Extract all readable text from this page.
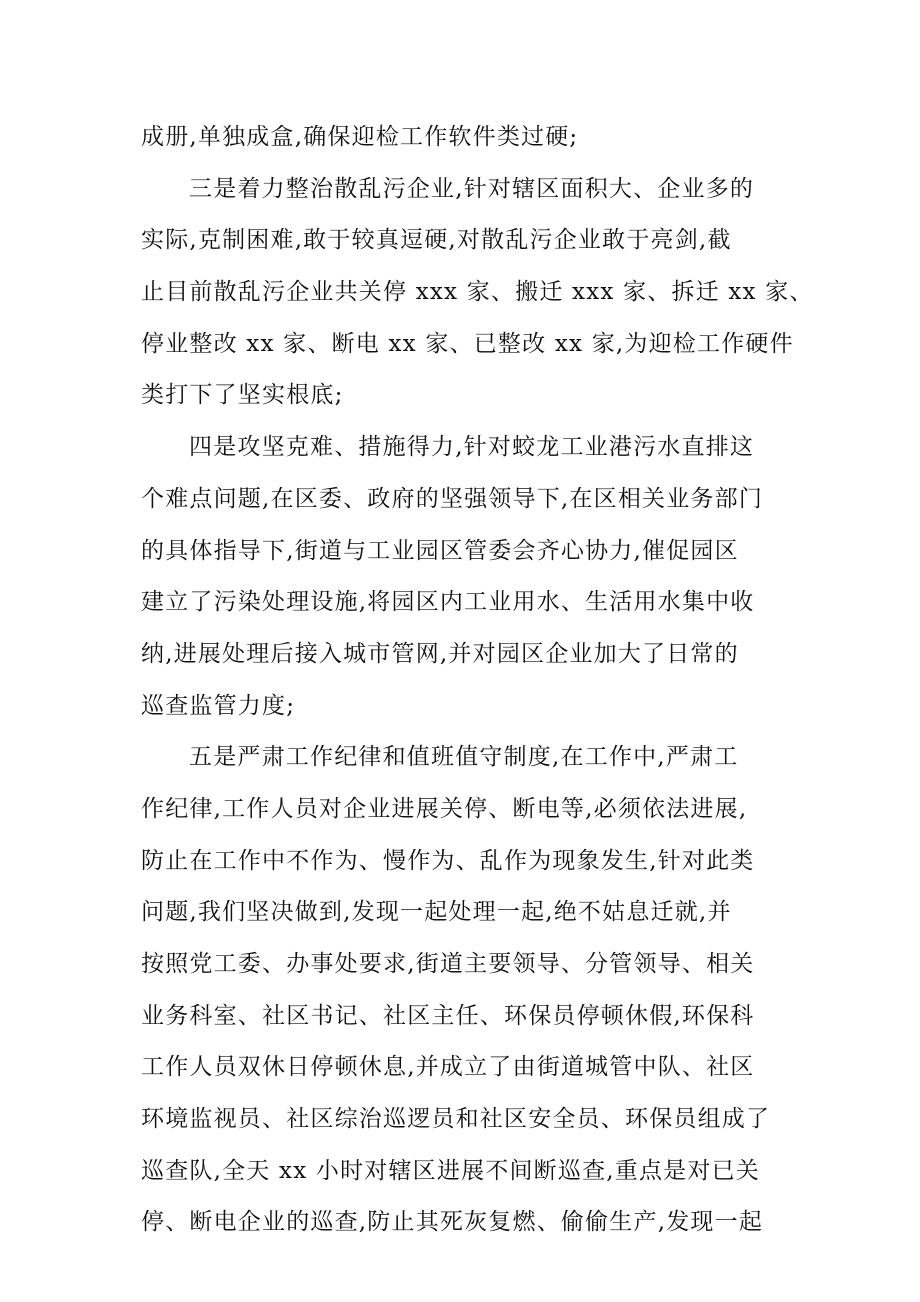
成册,单独成盒,确保迎检工作软件类过硬;
三是着力整治散乱污企业,针对辖区面积大、企业多的
实际,克制困难,敢于较真逗硬,对散乱污企业敢于亮剑,截
止目前散乱污企业共关停 xxx 家、搬迁 xxx 家、拆迁 xx 家、
停业整改 xx 家、断电 xx 家、已整改 xx 家,为迎检工作硬件
类打下了坚实根底;
四是攻坚克难、措施得力,针对蛟龙工业港污水直排这
个难点问题,在区委、政府的坚强领导下,在区相关业务部门
的具体指导下,街道与工业园区管委会齐心协力,催促园区
建立了污染处理设施,将园区内工业用水、生活用水集中收
纳,进展处理后接入城市管网,并对园区企业加大了日常的
巡查监管力度;
五是严肃工作纪律和值班值守制度,在工作中,严肃工
作纪律,工作人员对企业进展关停、断电等,必须依法进展,
防止在工作中不作为、慢作为、乱作为现象发生,针对此类
问题,我们坚决做到,发现一起处理一起,绝不姑息迁就,并
按照党工委、办事处要求,街道主要领导、分管领导、相关
业务科室、社区书记、社区主任、环保员停顿休假,环保科
工作人员双休日停顿休息,并成立了由街道城管中队、社区
环境监视员、社区综治巡逻员和社区安全员、环保员组成了
巡查队,全天 xx 小时对辖区进展不间断巡查,重点是对已关
停、断电企业的巡查,防止其死灰复燃、偷偷生产,发现一起
